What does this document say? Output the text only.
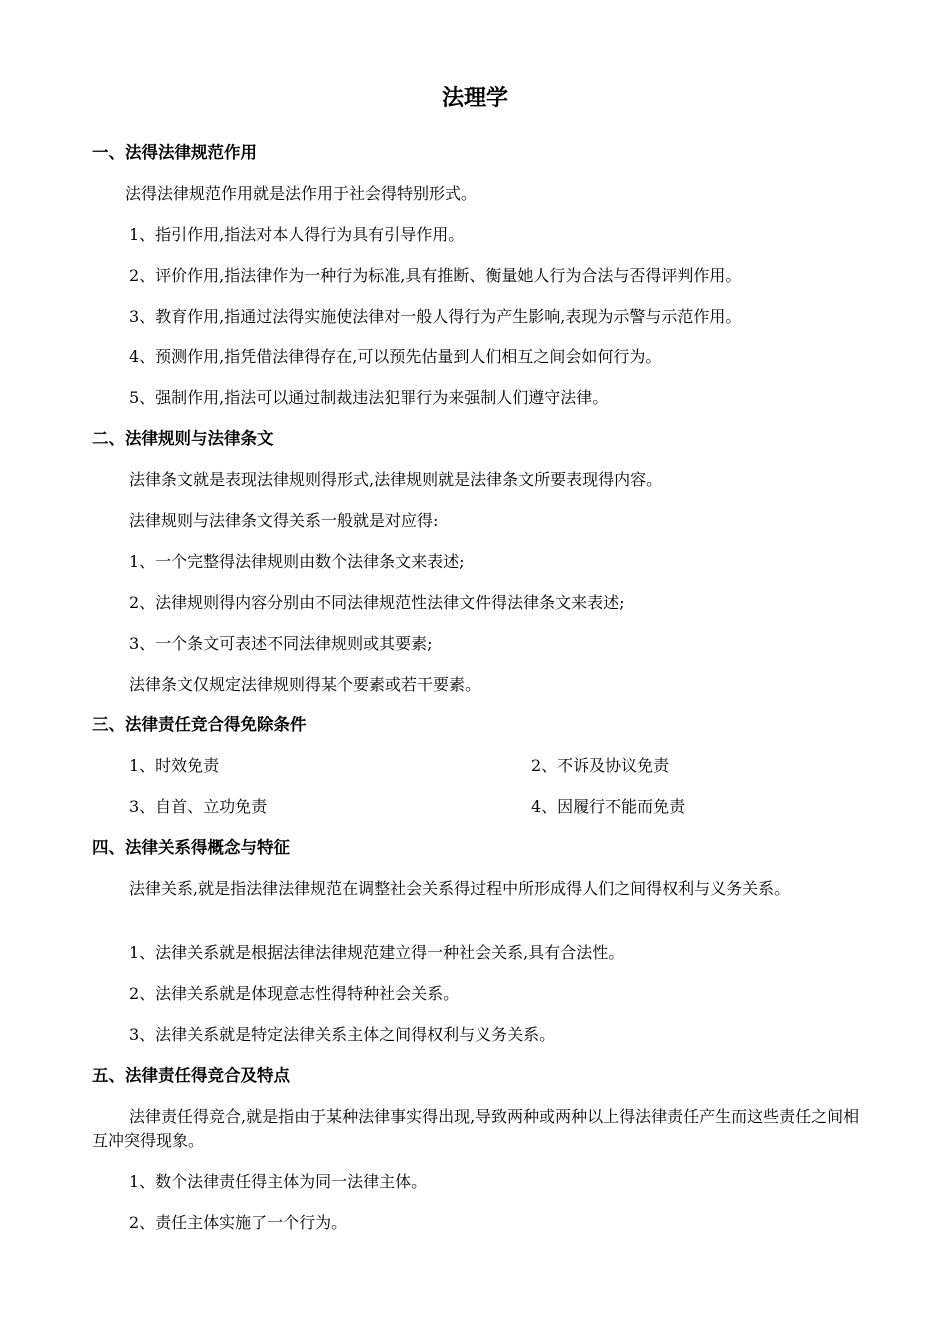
法理学
一、法得法律规范作用
法得法律规范作用就是法作用于社会得特别形式。
1、指引作用,指法对本人得行为具有引导作用。
2、评价作用,指法律作为一种行为标准,具有推断、衡量她人行为合法与否得评判作用。
3、教育作用,指通过法得实施使法律对一般人得行为产生影响,表现为示警与示范作用。
4、预测作用,指凭借法律得存在,可以预先估量到人们相互之间会如何行为。
5、强制作用,指法可以通过制裁违法犯罪行为来强制人们遵守法律。
二、法律规则与法律条文
法律条文就是表现法律规则得形式,法律规则就是法律条文所要表现得内容。
法律规则与法律条文得关系一般就是对应得:
1、一个完整得法律规则由数个法律条文来表述;
2、法律规则得内容分别由不同法律规范性法律文件得法律条文来表述;
3、一个条文可表述不同法律规则或其要素;
法律条文仅规定法律规则得某个要素或若干要素。
三、法律责任竞合得免除条件
1、时效免责	2、不诉及协议免责
3、自首、立功免责	4、因履行不能而免责
四、法律关系得概念与特征
法律关系,就是指法律法律规范在调整社会关系得过程中所形成得人们之间得权利与义务关系。
1、法律关系就是根据法律法律规范建立得一种社会关系,具有合法性。
2、法律关系就是体现意志性得特种社会关系。
3、法律关系就是特定法律关系主体之间得权利与义务关系。
五、法律责任得竞合及特点
法律责任得竞合,就是指由于某种法律事实得出现,导致两种或两种以上得法律责任产生而这些责任之间相互冲突得现象。
1、数个法律责任得主体为同一法律主体。
2、责任主体实施了一个行为。
